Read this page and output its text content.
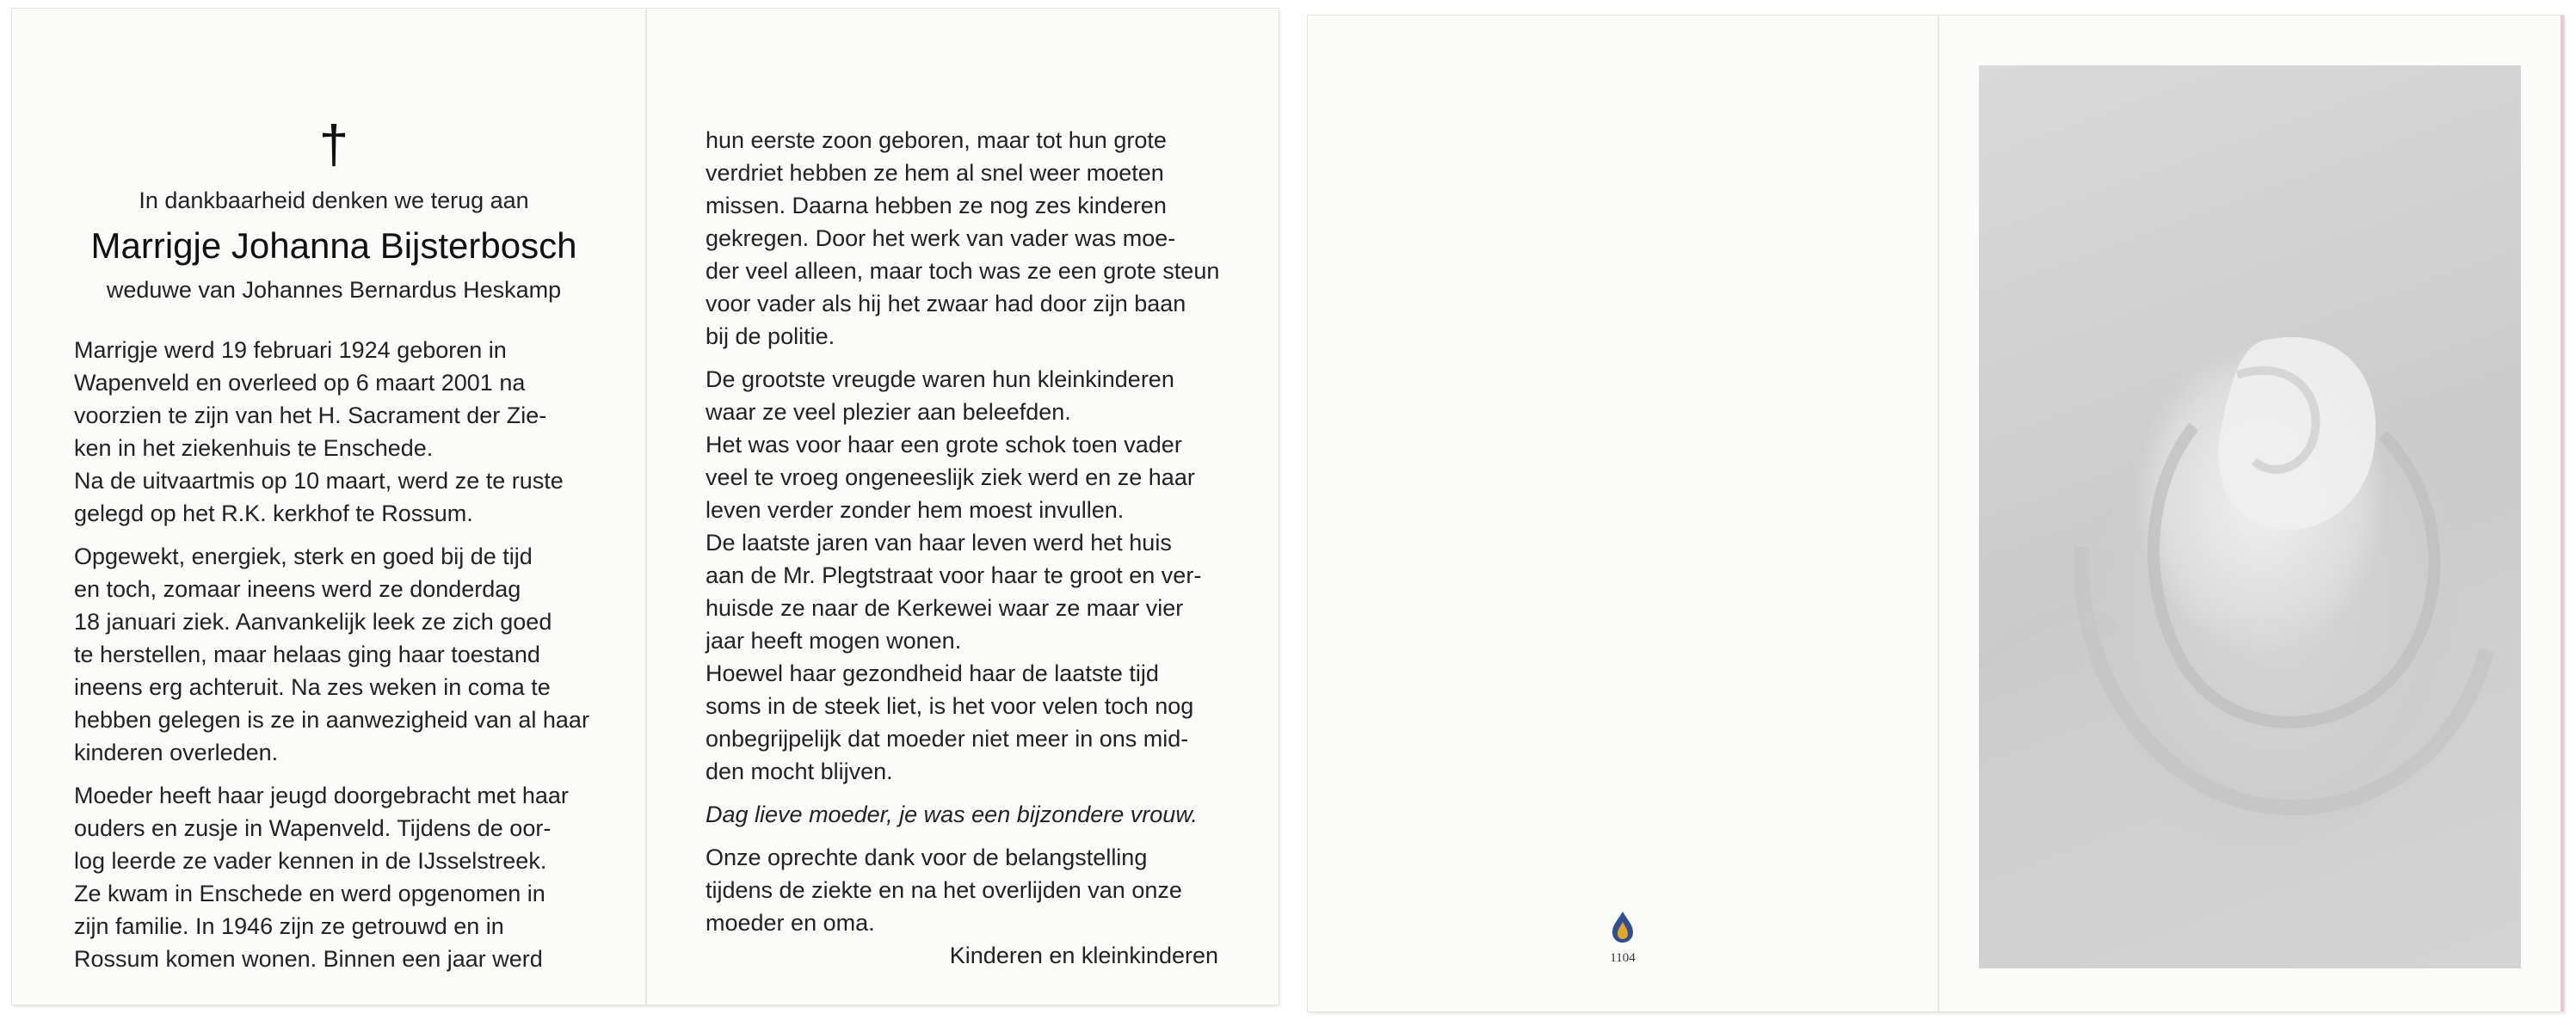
†
In dankbaarheid denken we terug aan
Marrigje Johanna Bijsterbosch
weduwe van Johannes Bernardus Heskamp

Marrigje werd 19 februari 1924 geboren in
Wapenveld en overleed op 6 maart 2001 na
voorzien te zijn van het H. Sacrament der Zie-
ken in het ziekenhuis te Enschede.
Na de uitvaartmis op 10 maart, werd ze te ruste
gelegd op het R.K. kerkhof te Rossum.

Opgewekt, energiek, sterk en goed bij de tijd
en toch, zomaar ineens werd ze donderdag
18 januari ziek. Aanvankelijk leek ze zich goed
te herstellen, maar helaas ging haar toestand
ineens erg achteruit. Na zes weken in coma te
hebben gelegen is ze in aanwezigheid van al haar
kinderen overleden.

Moeder heeft haar jeugd doorgebracht met haar
ouders en zusje in Wapenveld. Tijdens de oor-
log leerde ze vader kennen in de IJsselstreek.
Ze kwam in Enschede en werd opgenomen in
zijn familie. In 1946 zijn ze getrouwd en in
Rossum komen wonen. Binnen een jaar werd

hun eerste zoon geboren, maar tot hun grote
verdriet hebben ze hem al snel weer moeten
missen. Daarna hebben ze nog zes kinderen
gekregen. Door het werk van vader was moe-
der veel alleen, maar toch was ze een grote steun
voor vader als hij het zwaar had door zijn baan
bij de politie.

De grootste vreugde waren hun kleinkinderen
waar ze veel plezier aan beleefden.
Het was voor haar een grote schok toen vader
veel te vroeg ongeneeslijk ziek werd en ze haar
leven verder zonder hem moest invullen.
De laatste jaren van haar leven werd het huis
aan de Mr. Plegtstraat voor haar te groot en ver-
huisde ze naar de Kerkewei waar ze maar vier
jaar heeft mogen wonen.
Hoewel haar gezondheid haar de laatste tijd
soms in de steek liet, is het voor velen toch nog
onbegrijpelijk dat moeder niet meer in ons mid-
den mocht blijven.

Dag lieve moeder, je was een bijzondere vrouw.

Onze oprechte dank voor de belangstelling
tijdens de ziekte en na het overlijden van onze
moeder en oma.
Kinderen en kleinkinderen	1104
